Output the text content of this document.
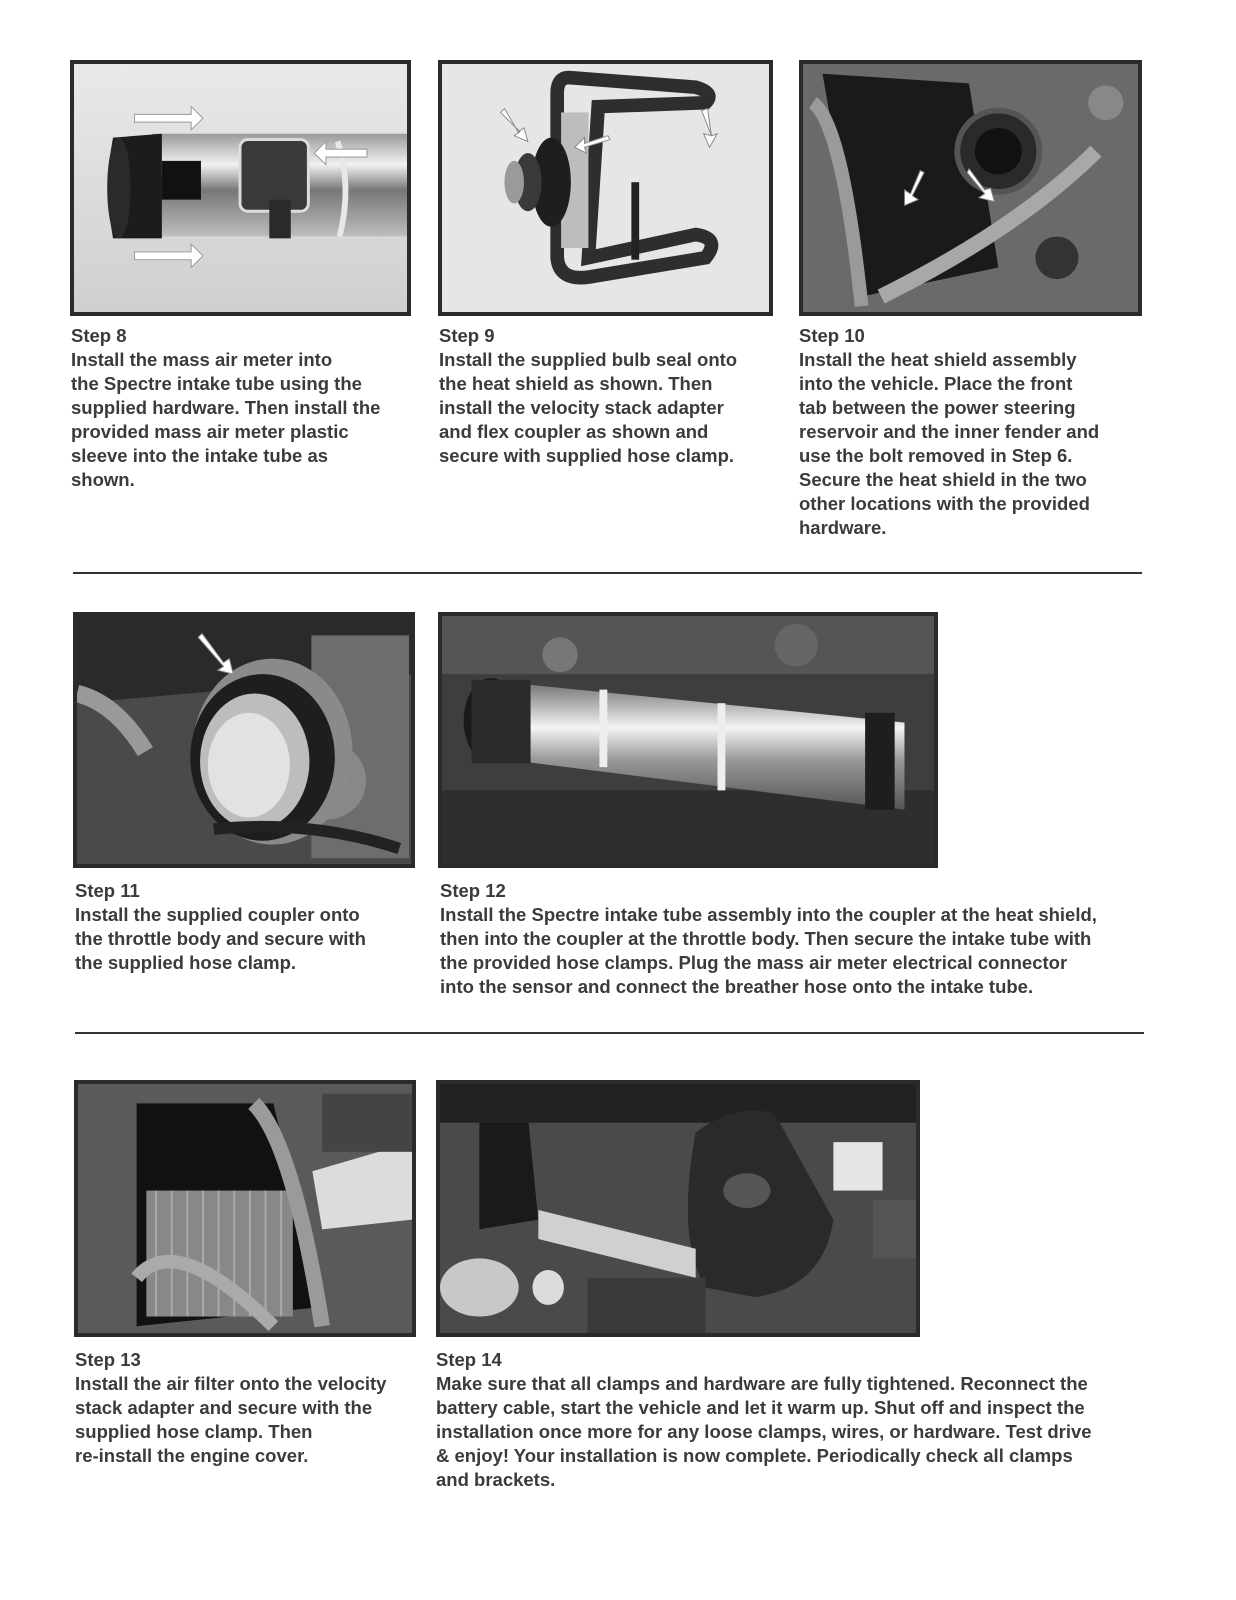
Step 8
Install the mass air meter into
the Spectre intake tube using the
supplied hardware. Then install the
provided mass air meter plastic
sleeve into the intake tube as
shown.
Step 9
Install the supplied bulb seal onto
the heat shield as shown. Then
install the velocity stack adapter
and flex coupler as shown and
secure with supplied hose clamp.
Step 10
Install the heat shield assembly
into the vehicle. Place the front
tab between the power steering
reservoir and the inner fender and
use the bolt removed in Step 6.
Secure the heat shield in the two
other locations with the provided
hardware.
Step 11
Install the supplied coupler onto
the throttle body and secure with
the supplied hose clamp.
Step 12
Install the Spectre intake tube assembly into the coupler at the heat shield,
then into the coupler at the throttle body. Then secure the intake tube with
the provided hose clamps. Plug the mass air meter electrical connector
into the sensor and connect the breather hose onto the intake tube.
Step 13
Install the air filter onto the velocity
stack adapter and secure with the
supplied hose clamp. Then
re-install the engine cover.
Step 14
Make sure that all clamps and hardware are fully tightened. Reconnect the
battery cable, start the vehicle and let it warm up. Shut off and inspect the
installation once more for any loose clamps, wires, or hardware. Test drive
& enjoy! Your installation is now complete. Periodically check all clamps
and brackets.
